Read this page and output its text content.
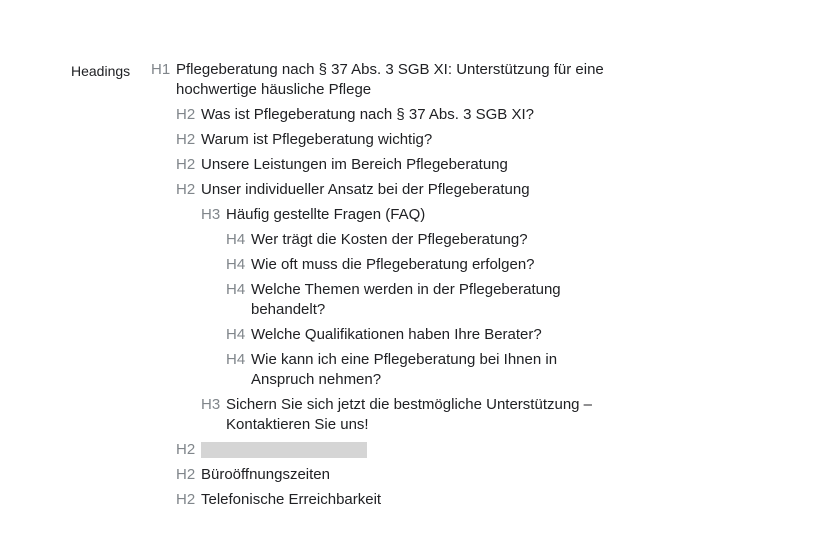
Headings H1 Pflegeberatung nach § 37 Abs. 3 SGB XI: Unterstützung für eine hochwertige häusliche Pflege
H2 Was ist Pflegeberatung nach § 37 Abs. 3 SGB XI?
H2 Warum ist Pflegeberatung wichtig?
H2 Unsere Leistungen im Bereich Pflegeberatung
H2 Unser individueller Ansatz bei der Pflegeberatung
H3 Häufig gestellte Fragen (FAQ)
H4 Wer trägt die Kosten der Pflegeberatung?
H4 Wie oft muss die Pflegeberatung erfolgen?
H4 Welche Themen werden in der Pflegeberatung behandelt?
H4 Welche Qualifikationen haben Ihre Berater?
H4 Wie kann ich eine Pflegeberatung bei Ihnen in Anspruch nehmen?
H3 Sichern Sie sich jetzt die bestmögliche Unterstützung – Kontaktieren Sie uns!
H2
H2 Büroöffnungszeiten
H2 Telefonische Erreichbarkeit
